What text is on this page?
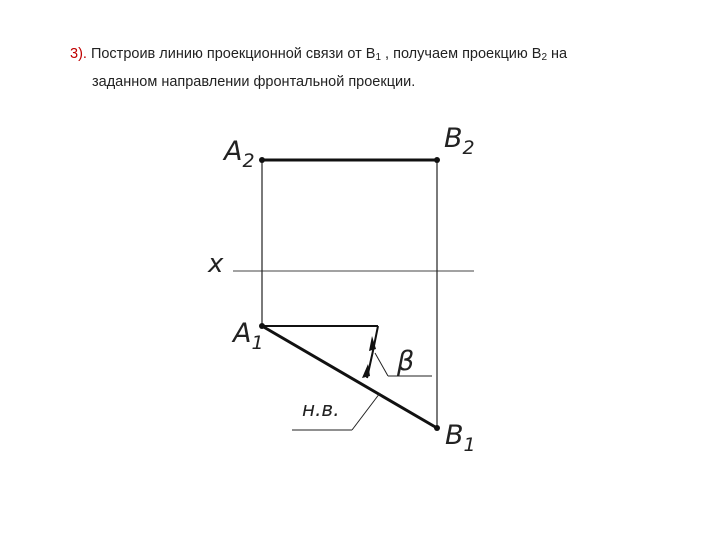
3). Построив линию проекционной связи от $B_1$ , получаем проекцию $B_2$ на
заданном направлении фронтальной проекции.
$A_2$
$B_2$
x
$A_1$
$B_1$
β
н.в.
